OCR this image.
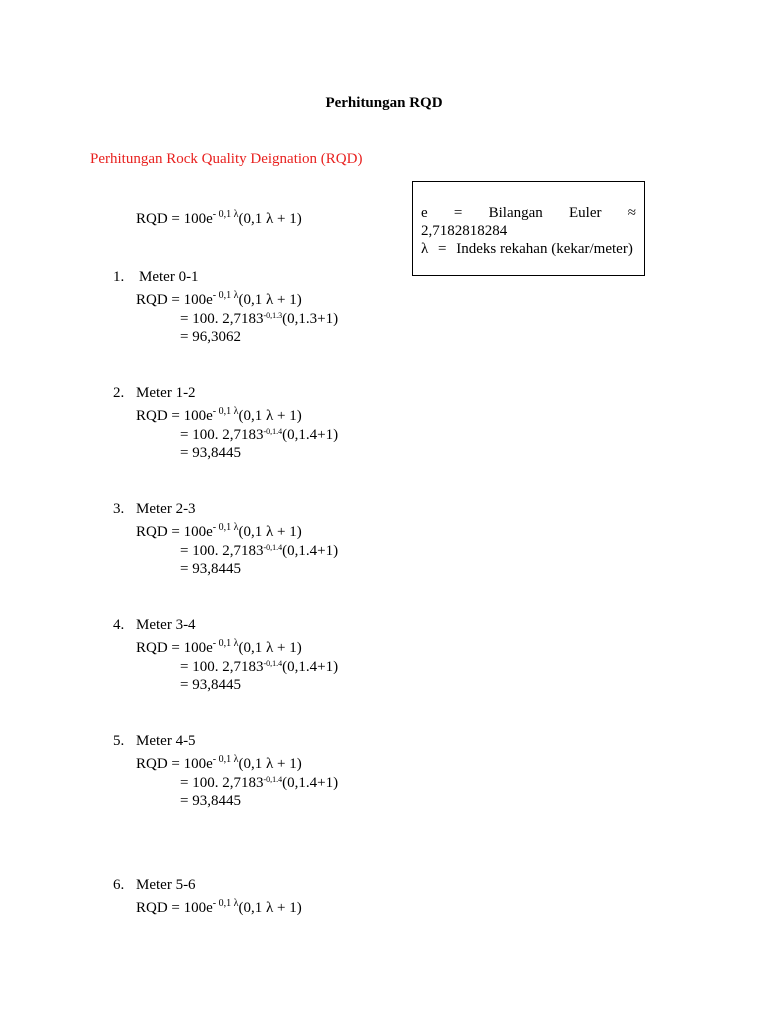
Perhitungan RQD
Perhitungan Rock Quality Deignation (RQD)
e = Bilangan Euler ≈
2,7182818284
λ = Indeks rekahan (kekar/meter)
RQD = $100e^{- 0,1 \lambda}(0,1$ λ + 1)
1. Meter 0-1
RQD = $100e^{- 0,1 \lambda}(0,1$ λ + 1)
= 100. $2,7183^{-0,1.3}(0,1.3+1)$
= 96,3062
2. Meter 1-2
RQD = $100e^{- 0,1 \lambda}(0,1$ λ + 1)
= 100. $2,7183^{-0,1.4}(0,1.4+1)$
= 93,8445
3. Meter 2-3
RQD = $100e^{- 0,1 \lambda}(0,1$ λ + 1)
= 100. $2,7183^{-0,1.4}(0,1.4+1)$
= 93,8445
4. Meter 3-4
RQD = $100e^{- 0,1 \lambda}(0,1$ λ + 1)
= 100. $2,7183^{-0,1.4}(0,1.4+1)$
= 93,8445
5. Meter 4-5
RQD = $100e^{- 0,1 \lambda}(0,1$ λ + 1)
= 100. $2,7183^{-0,1.4}(0,1.4+1)$
= 93,8445
6. Meter 5-6
RQD = $100e^{- 0,1 \lambda}(0,1$ λ + 1)
